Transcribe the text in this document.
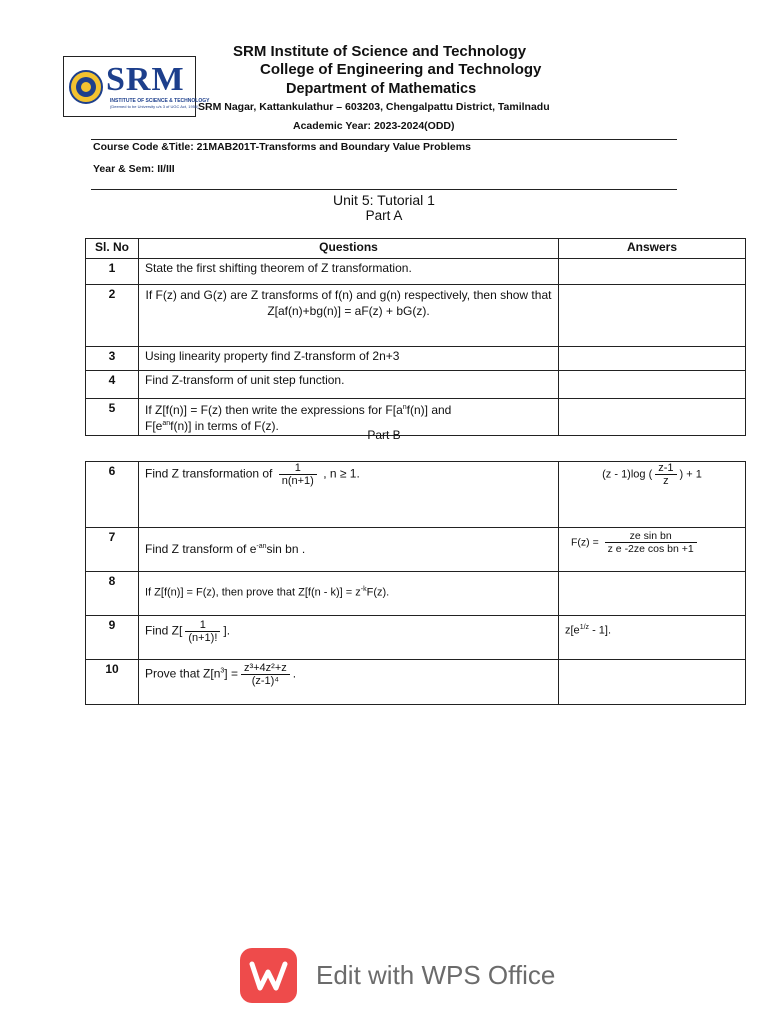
SRM
INSTITUTE OF SCIENCE & TECHNOLOGY
(Deemed to be University u/s 3 of UGC Act, 1956)
SRM Institute of Science and Technology
College of Engineering and Technology
Department of Mathematics
SRM Nagar, Kattankulathur – 603203, Chengalpattu District, Tamilnadu
Academic Year: 2023-2024(ODD)
Course Code &Title: 21MAB201T-Transforms and Boundary Value Problems
Year & Sem: II/III
Unit 5: Tutorial 1
Part A
Sl. No	Questions	Answers
1	State the first shifting theorem of Z transformation.	
2	If F(z) and G(z) are Z transforms of f(n) and g(n) respectively, then show that
Z[af(n)+bg(n)] = aF(z) + bG(z).	
3	Using linearity property find Z-transform of 2n+3	
4	Find Z-transform of unit step function.	
5	If Z[f(n)] = F(z) then write the expressions for $F[a^nf(n)]$ and
$F[e^{an}f(n)]$ in terms of F(z).	
Part B
6	Find Z transformation of $\frac{1}{n(n+1)}$ , n ≥ 1.	(z - 1)log ( $\frac{z-1}{z}$ ) + 1
7	Find Z transform of $e^{-an}\sin$ bn .	$F(z) = \frac{\text{ze sin bn}}{\text{z e -2ze cos bn +1}}$

8	If Z[f(n)] = F(z), then prove that $Z[f(n - k)] = z^{-k}F(z)$.	
9	Find $Z[ \frac{1}{(n+1)!}$ ].	$z[e^{1/z} - 1]$.
10	Prove that $Z[n^3] = \frac{\text{z³+4z²+z}}{\text{(z-1)⁴}}$ .	
Edit with WPS Office
